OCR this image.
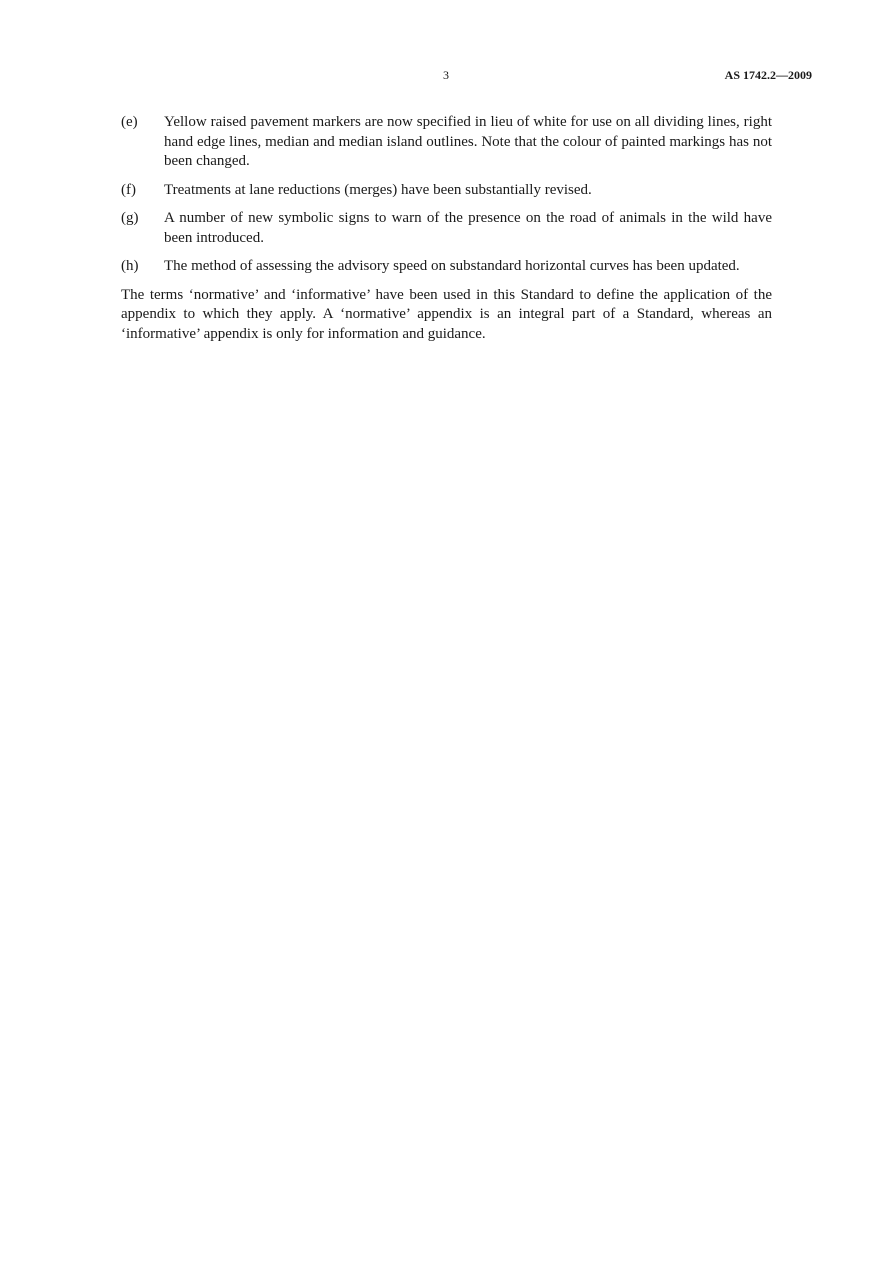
3	AS 1742.2—2009
(e)	Yellow raised pavement markers are now specified in lieu of white for use on all dividing lines, right hand edge lines, median and median island outlines. Note that the colour of painted markings has not been changed.
(f)	Treatments at lane reductions (merges) have been substantially revised.
(g)	A number of new symbolic signs to warn of the presence on the road of animals in the wild have been introduced.
(h)	The method of assessing the advisory speed on substandard horizontal curves has been updated.

The terms ‘normative’ and ‘informative’ have been used in this Standard to define the application of the appendix to which they apply. A ‘normative’ appendix is an integral part of a Standard, whereas an ‘informative’ appendix is only for information and guidance.
